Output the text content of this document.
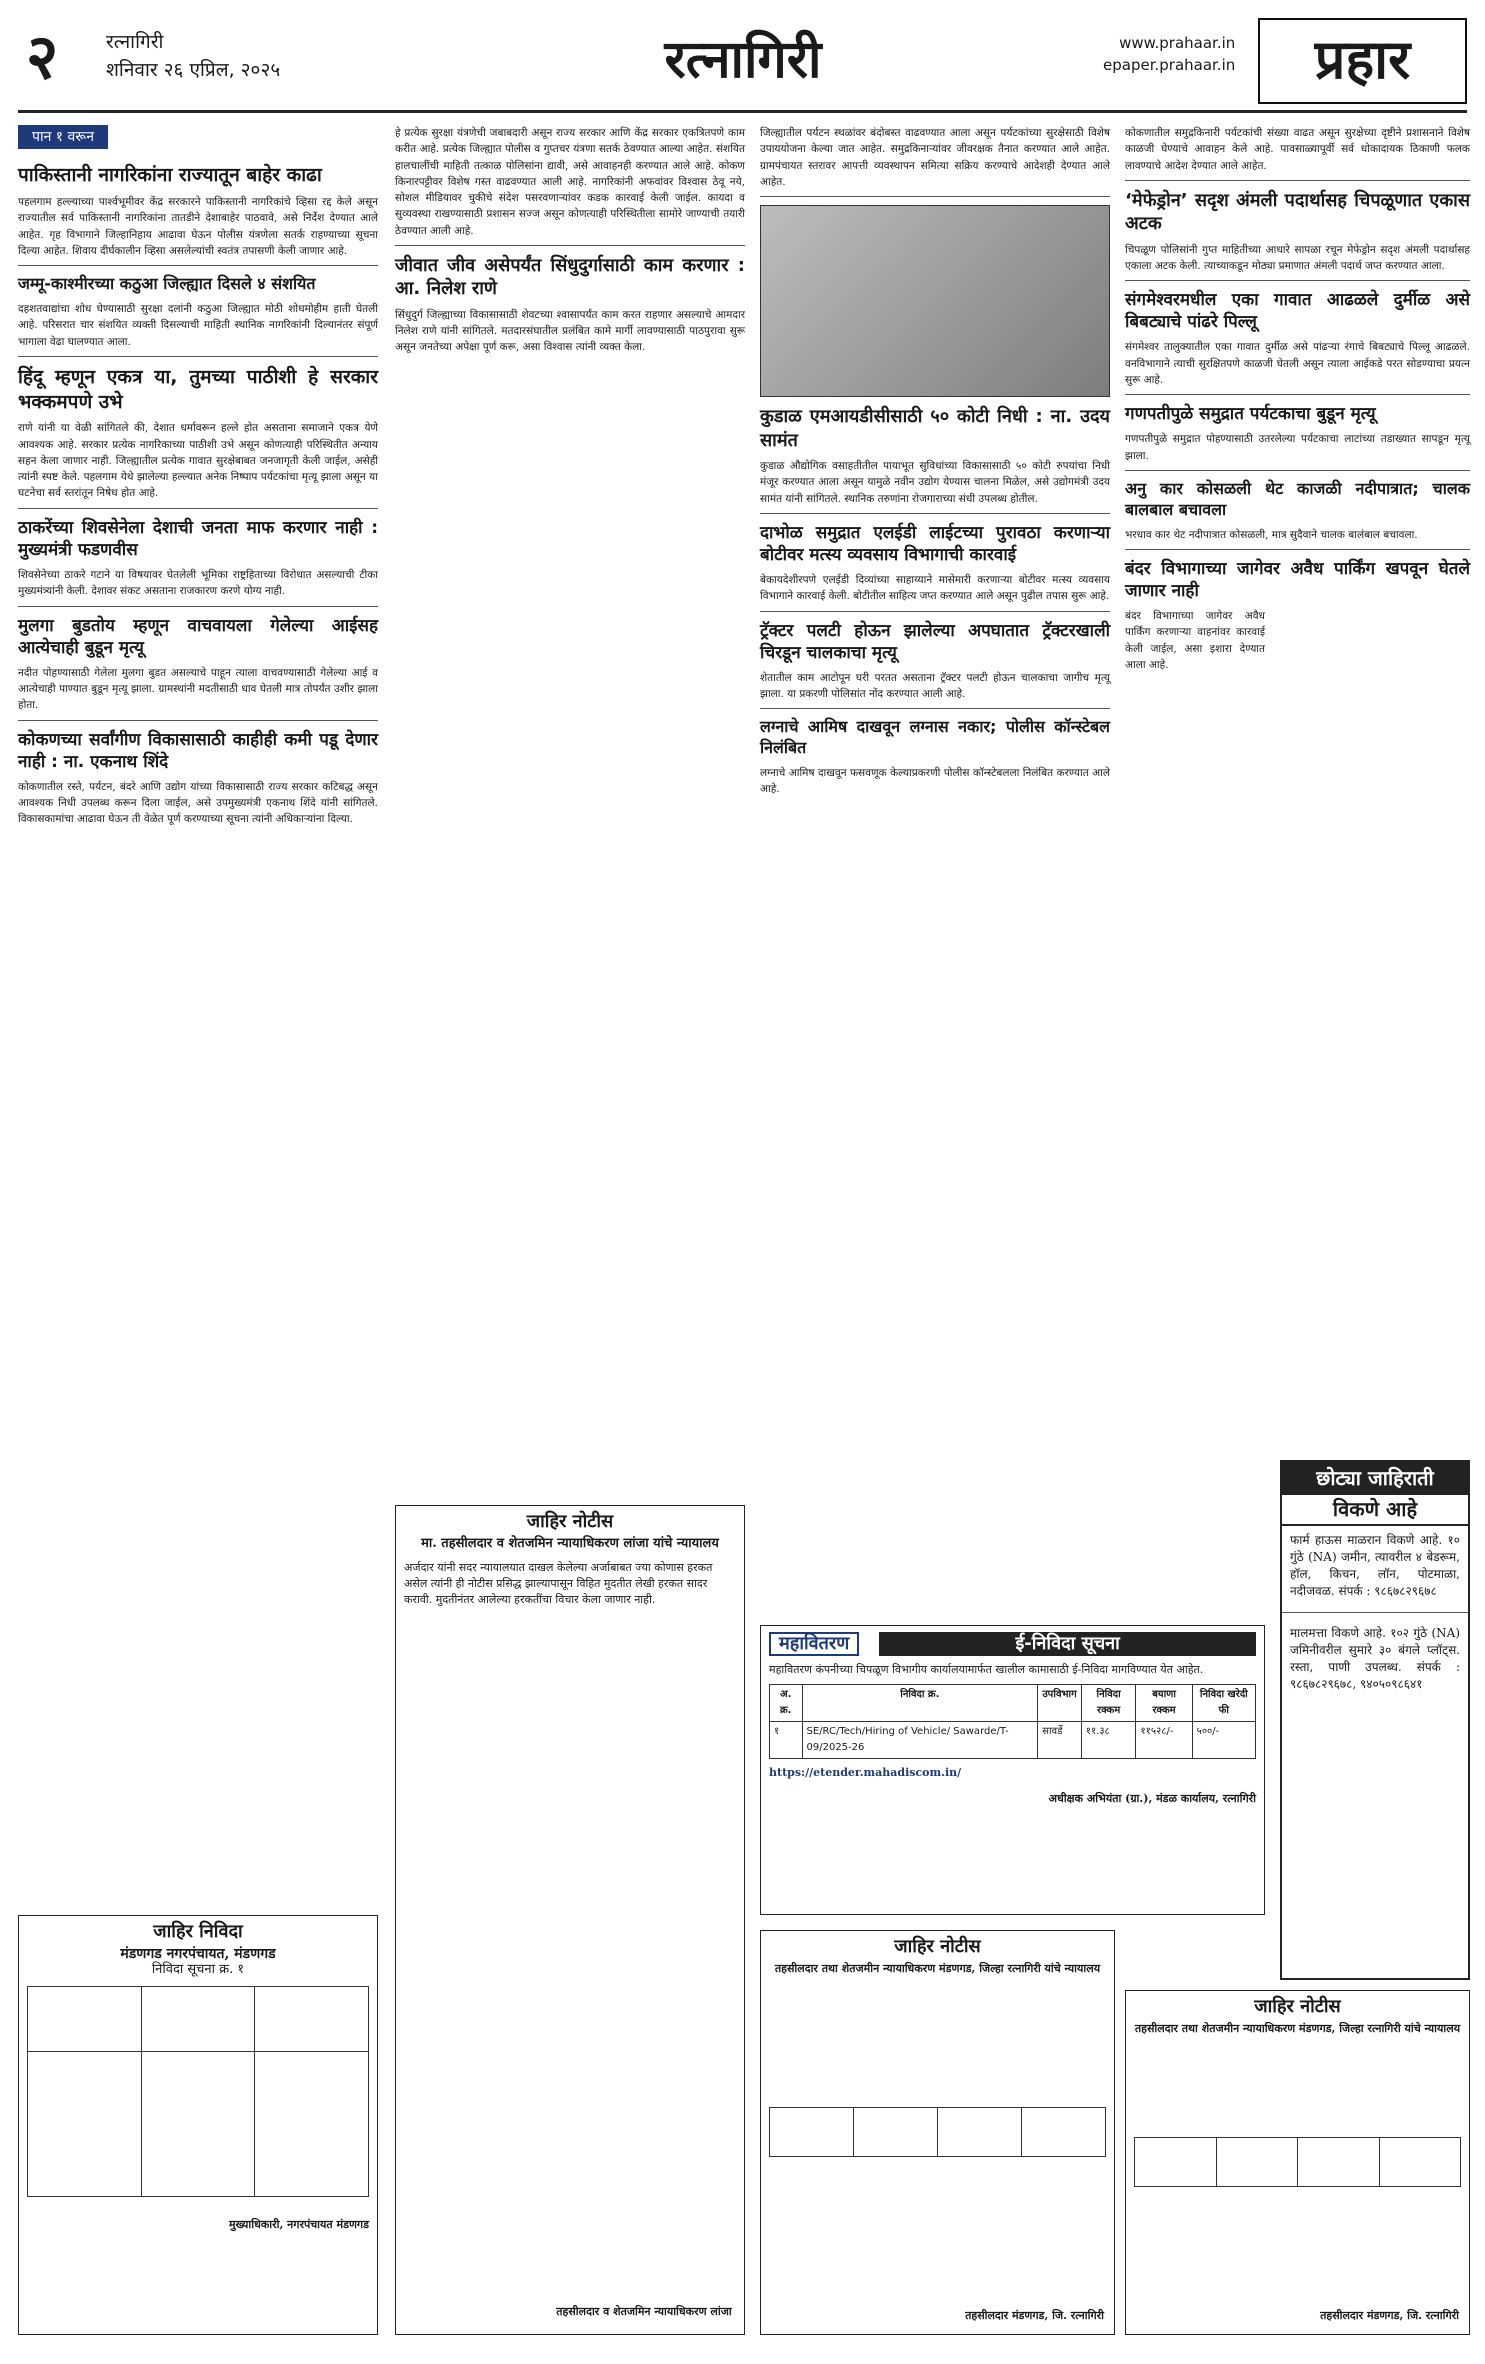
२	रत्नागिरी
शनिवार २६ एप्रिल, २०२५	रत्नागिरी	www.prahaar.in
epaper.prahaar.in	प्रहार
पान १ वरून
पाकिस्तानी नागरिकांना राज्यातून बाहेर काढा
पहलगाम हल्ल्याच्या पार्श्वभूमीवर केंद्र सरकारने पाकिस्तानी नागरिकांचे व्हिसा रद्द केले असून राज्यातील सर्व पाकिस्तानी नागरिकांना तातडीने देशाबाहेर पाठवावे, असे निर्देश देण्यात आले आहेत. गृह विभागाने जिल्हानिहाय आढावा घेऊन पोलीस यंत्रणेला सतर्क राहण्याच्या सूचना दिल्या आहेत. शिवाय दीर्घकालीन व्हिसा असलेल्यांची स्वतंत्र तपासणी केली जाणार आहे.
जम्मू-काश्मीरच्या कठुआ जिल्ह्यात दिसले ४ संशयित
दहशतवाद्यांचा शोध घेण्यासाठी सुरक्षा दलांनी कठुआ जिल्ह्यात मोठी शोधमोहीम हाती घेतली आहे. परिसरात चार संशयित व्यक्ती दिसल्याची माहिती स्थानिक नागरिकांनी दिल्यानंतर संपूर्ण भागाला वेढा घालण्यात आला.
हिंदू म्हणून एकत्र या, तुमच्या पाठीशी हे सरकार भक्कमपणे उभे
राणे यांनी या वेळी सांगितले की, देशात धर्मावरून हल्ले होत असताना समाजाने एकत्र येणे आवश्यक आहे. सरकार प्रत्येक नागरिकाच्या पाठीशी उभे असून कोणत्याही परिस्थितीत अन्याय सहन केला जाणार नाही. जिल्ह्यातील प्रत्येक गावात सुरक्षेबाबत जनजागृती केली जाईल, असेही त्यांनी स्पष्ट केले. पहलगाम येथे झालेल्या हल्ल्यात अनेक निष्पाप पर्यटकांचा मृत्यू झाला असून या घटनेचा सर्व स्तरांतून निषेध होत आहे.
ठाकरेंच्या शिवसेनेला देशाची जनता माफ करणार नाही : मुख्यमंत्री फडणवीस
शिवसेनेच्या ठाकरे गटाने या विषयावर घेतलेली भूमिका राष्ट्रहिताच्या विरोधात असल्याची टीका मुख्यमंत्र्यांनी केली. देशावर संकट असताना राजकारण करणे योग्य नाही.
मुलगा बुडतोय म्हणून वाचवायला गेलेल्या आईसह आत्येचाही बुडून मृत्यू
नदीत पोहण्यासाठी गेलेला मुलगा बुडत असल्याचे पाहून त्याला वाचवण्यासाठी गेलेल्या आई व आत्येचाही पाण्यात बुडून मृत्यू झाला. ग्रामस्थांनी मदतीसाठी धाव घेतली मात्र तोपर्यंत उशीर झाला होता.
कोकणच्या सर्वांगीण विकासासाठी काहीही कमी पडू देणार नाही : ना. एकनाथ शिंदे
कोकणातील रस्ते, पर्यटन, बंदरे आणि उद्योग यांच्या विकासासाठी राज्य सरकार कटिबद्ध असून आवश्यक निधी उपलब्ध करून दिला जाईल, असे उपमुख्यमंत्री एकनाथ शिंदे यांनी सांगितले. विकासकामांचा आढावा घेऊन ती वेळेत पूर्ण करण्याच्या सूचना त्यांनी अधिकाऱ्यांना दिल्या.
जाहिर निविदा
मंडणगड नगरपंचायत, मंडणगड
निविदा सूचना क्र. १

मुख्याधिकारी, नगरपंचायत मंडणगड
हे प्रत्येक सुरक्षा यंत्रणेची जबाबदारी असून राज्य सरकार आणि केंद्र सरकार एकत्रितपणे काम करीत आहे. प्रत्येक जिल्ह्यात पोलीस व गुप्तचर यंत्रणा सतर्क ठेवण्यात आल्या आहेत. संशयित हालचालींची माहिती तत्काळ पोलिसांना द्यावी, असे आवाहनही करण्यात आले आहे. कोकण किनारपट्टीवर विशेष गस्त वाढवण्यात आली आहे. नागरिकांनी अफवांवर विश्वास ठेवू नये, सोशल मीडियावर चुकीचे संदेश पसरवणाऱ्यांवर कडक कारवाई केली जाईल. कायदा व सुव्यवस्था राखण्यासाठी प्रशासन सज्ज असून कोणत्याही परिस्थितीला सामोरे जाण्याची तयारी ठेवण्यात आली आहे.
जीवात जीव असेपर्यंत सिंधुदुर्गासाठी काम करणार : आ. निलेश राणे
सिंधुदुर्ग जिल्ह्याच्या विकासासाठी शेवटच्या श्वासापर्यंत काम करत राहणार असल्याचे आमदार निलेश राणे यांनी सांगितले. मतदारसंघातील प्रलंबित कामे मार्गी लावण्यासाठी पाठपुरावा सुरू असून जनतेच्या अपेक्षा पूर्ण करू, असा विश्वास त्यांनी व्यक्त केला.
जाहिर नोटीस
मा. तहसीलदार व शेतजमिन न्यायाधिकरण लांजा यांचे न्यायालय
अर्जदार यांनी सदर न्यायालयात दाखल केलेल्या अर्जाबाबत ज्या कोणास हरकत असेल त्यांनी ही नोटीस प्रसिद्ध झाल्यापासून विहित मुदतीत लेखी हरकत सादर करावी. मुदतीनंतर आलेल्या हरकतींचा विचार केला जाणार नाही.
तहसीलदार व शेतजमिन न्यायाधिकरण लांजा
जिल्ह्यातील पर्यटन स्थळांवर बंदोबस्त वाढवण्यात आला असून पर्यटकांच्या सुरक्षेसाठी विशेष उपाययोजना केल्या जात आहेत. समुद्रकिनाऱ्यांवर जीवरक्षक तैनात करण्यात आले आहेत. ग्रामपंचायत स्तरावर आपत्ती व्यवस्थापन समित्या सक्रिय करण्याचे आदेशही देण्यात आले आहेत.
कुडाळ एमआयडीसीसाठी ५० कोटी निधी : ना. उदय सामंत
कुडाळ औद्योगिक वसाहतीतील पायाभूत सुविधांच्या विकासासाठी ५० कोटी रुपयांचा निधी मंजूर करण्यात आला असून यामुळे नवीन उद्योग येण्यास चालना मिळेल, असे उद्योगमंत्री उदय सामंत यांनी सांगितले. स्थानिक तरुणांना रोजगाराच्या संधी उपलब्ध होतील.
दाभोळ समुद्रात एलईडी लाईटच्या पुरावठा करणाऱ्या बोटीवर मत्स्य व्यवसाय विभागाची कारवाई
बेकायदेशीरपणे एलईडी दिव्यांच्या साहाय्याने मासेमारी करणाऱ्या बोटीवर मत्स्य व्यवसाय विभागाने कारवाई केली. बोटीतील साहित्य जप्त करण्यात आले असून पुढील तपास सुरू आहे.
ट्रॅक्टर पलटी होऊन झालेल्या अपघातात ट्रॅक्टरखाली चिरडून चालकाचा मृत्यू
शेतातील काम आटोपून घरी परतत असताना ट्रॅक्टर पलटी होऊन चालकाचा जागीच मृत्यू झाला. या प्रकरणी पोलिसांत नोंद करण्यात आली आहे.
लग्नाचे आमिष दाखवून लग्नास नकार; पोलीस कॉन्स्टेबल निलंबित
लग्नाचे आमिष दाखवून फसवणूक केल्याप्रकरणी पोलीस कॉन्स्टेबलला निलंबित करण्यात आले आहे.
कोकणातील समुद्रकिनारी पर्यटकांची संख्या वाढत असून सुरक्षेच्या दृष्टीने प्रशासनाने विशेष काळजी घेण्याचे आवाहन केले आहे. पावसाळ्यापूर्वी सर्व धोकादायक ठिकाणी फलक लावण्याचे आदेश देण्यात आले आहेत.
‘मेफेड्रोन’ सदृश अंमली पदार्थासह चिपळूणात एकास अटक
चिपळूण पोलिसांनी गुप्त माहितीच्या आधारे सापळा रचून मेफेड्रोन सदृश अंमली पदार्थासह एकाला अटक केली. त्याच्याकडून मोठ्या प्रमाणात अंमली पदार्थ जप्त करण्यात आला.
संगमेश्वरमधील एका गावात आढळले दुर्मीळ असे बिबट्याचे पांढरे पिल्लू
संगमेश्वर तालुक्यातील एका गावात दुर्मीळ असे पांढऱ्या रंगाचे बिबट्याचे पिल्लू आढळले. वनविभागाने त्याची सुरक्षितपणे काळजी घेतली असून त्याला आईकडे परत सोडण्याचा प्रयत्न सुरू आहे.
गणपतीपुळे समुद्रात पर्यटकाचा बुडून मृत्यू
गणपतीपुळे समुद्रात पोहण्यासाठी उतरलेल्या पर्यटकाचा लाटांच्या तडाख्यात सापडून मृत्यू झाला.
अनु कार कोसळली थेट काजळी नदीपात्रात; चालक बालबाल बचावला
भरधाव कार थेट नदीपात्रात कोसळली, मात्र सुदैवाने चालक बालंबाल बचावला.
बंदर विभागाच्या जागेवर अवैध पार्किंग खपवून घेतले जाणार नाही
बंदर विभागाच्या जागेवर अवैध पार्किंग करणाऱ्या वाहनांवर कारवाई केली जाईल, असा इशारा देण्यात आला आहे.
छोट्या जाहिराती
विकणे आहे
फार्म हाऊस माळरान विकणे आहे. १० गुंठे (NA) जमीन, त्यावरील ४ बेडरूम, हॉल, किचन, लॉन, पोटमाळा, नदीजवळ. संपर्क : ९८६७८२९६७८
मालमत्ता विकणे आहे. १०२ गुंठे (NA) जमिनीवरील सुमारे ३० बंगले प्लॉट्स. रस्ता, पाणी उपलब्ध. संपर्क : ९८६७८२९६७८, ९४०५०९८६४१
महावितरण	ई-निविदा सूचना
महावितरण कंपनीच्या चिपळूण विभागीय कार्यालयामार्फत खालील कामासाठी ई-निविदा मागविण्यात येत आहेत.
अ. क्र.	निविदा क्र.	उपविभाग	निविदा रक्कम	बयाणा रक्कम	निविदा खरेदी फी
१	SE/RC/Tech/Hiring of Vehicle/ Sawarde/T-09/2025-26	सावर्डे	११.३८	११५२८/-	५००/-
https://etender.mahadiscom.in/
अधीक्षक अभियंता (ग्रा.), मंडळ कार्यालय, रत्नागिरी
जाहिर नोटीस
तहसीलदार तथा शेतजमीन न्यायाधिकरण मंडणगड, जिल्हा रत्नागिरी यांचे न्यायालय

तहसीलदार मंडणगड, जि. रत्नागिरी
जाहिर नोटीस
तहसीलदार तथा शेतजमीन न्यायाधिकरण मंडणगड, जिल्हा रत्नागिरी यांचे न्यायालय

तहसीलदार मंडणगड, जि. रत्नागिरी
